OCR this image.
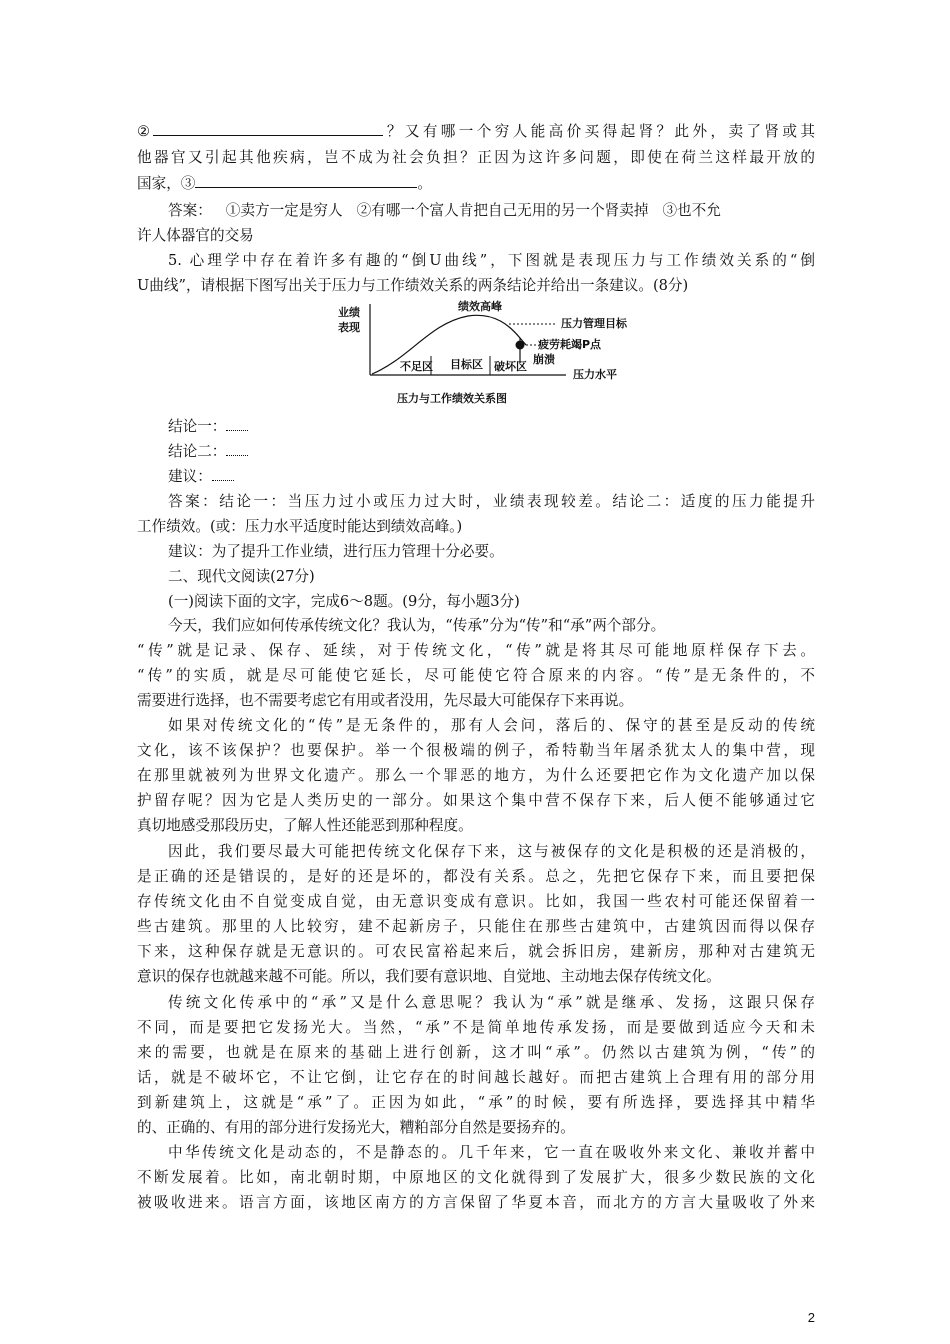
②	？又有哪一个穷人能高价买得起肾？此外，卖了肾或其
他器官又引起其他疾病，岂不成为社会负担？正因为这许多问题，即使在荷兰这样最开放的
国家，③	。
答案： ①卖方一定是穷人 ②有哪一个富人肯把自己无用的另一个肾卖掉 ③也不允
许人体器官的交易
5. 心理学中存在着许多有趣的“倒U曲线”，下图就是表现压力与工作绩效关系的“倒
U曲线”，请根据下图写出关于压力与工作绩效关系的两条结论并给出一条建议。(8分)
业绩
表现
绩效高峰
压力管理目标
疲劳耗竭P点
崩溃
不足区 目标区 破坏区
压力水平
压力与工作绩效关系图
结论一：
结论二：
建议：
答案：结论一：当压力过小或压力过大时，业绩表现较差。结论二：适度的压力能提升
工作绩效。(或：压力水平适度时能达到绩效高峰。)
建议：为了提升工作业绩，进行压力管理十分必要。
二、现代文阅读(27分)
(一)阅读下面的文字，完成6～8题。(9分，每小题3分)
今天，我们应如何传承传统文化？我认为，“传承”分为“传”和“承”两个部分。
“传”就是记录、保存、延续，对于传统文化，“传”就是将其尽可能地原样保存下去。
“传”的实质，就是尽可能使它延长，尽可能使它符合原来的内容。“传”是无条件的，不
需要进行选择，也不需要考虑它有用或者没用，先尽最大可能保存下来再说。
如果对传统文化的“传”是无条件的，那有人会问，落后的、保守的甚至是反动的传统
文化，该不该保护？也要保护。举一个很极端的例子，希特勒当年屠杀犹太人的集中营，现
在那里就被列为世界文化遗产。那么一个罪恶的地方，为什么还要把它作为文化遗产加以保
护留存呢？因为它是人类历史的一部分。如果这个集中营不保存下来，后人便不能够通过它
真切地感受那段历史，了解人性还能恶到那种程度。
因此，我们要尽最大可能把传统文化保存下来，这与被保存的文化是积极的还是消极的，
是正确的还是错误的，是好的还是坏的，都没有关系。总之，先把它保存下来，而且要把保
存传统文化由不自觉变成自觉，由无意识变成有意识。比如，我国一些农村可能还保留着一
些古建筑。那里的人比较穷，建不起新房子，只能住在那些古建筑中，古建筑因而得以保存
下来，这种保存就是无意识的。可农民富裕起来后，就会拆旧房，建新房，那种对古建筑无
意识的保存也就越来越不可能。所以，我们要有意识地、自觉地、主动地去保存传统文化。
传统文化传承中的“承”又是什么意思呢？我认为“承”就是继承、发扬，这跟只保存
不同，而是要把它发扬光大。当然，“承”不是简单地传承发扬，而是要做到适应今天和未
来的需要，也就是在原来的基础上进行创新，这才叫“承”。仍然以古建筑为例，“传”的
话，就是不破坏它，不让它倒，让它存在的时间越长越好。而把古建筑上合理有用的部分用
到新建筑上，这就是“承”了。正因为如此，“承”的时候，要有所选择，要选择其中精华
的、正确的、有用的部分进行发扬光大，糟粕部分自然是要扬弃的。
中华传统文化是动态的，不是静态的。几千年来，它一直在吸收外来文化、兼收并蓄中
不断发展着。比如，南北朝时期，中原地区的文化就得到了发展扩大，很多少数民族的文化
被吸收进来。语言方面，该地区南方的方言保留了华夏本音，而北方的方言大量吸收了外来
2
